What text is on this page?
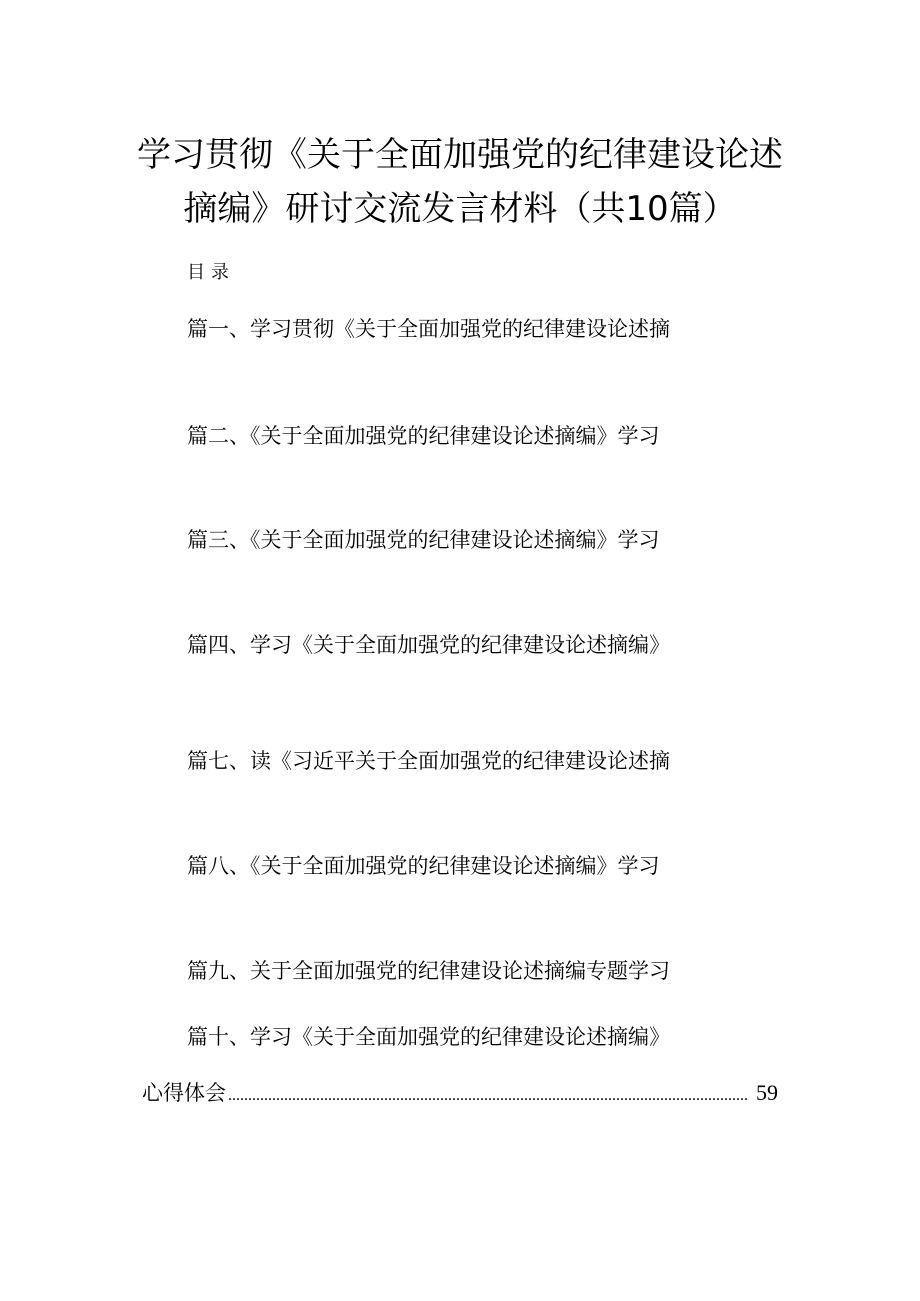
学习贯彻《关于全面加强党的纪律建设论述
摘编》研讨交流发言材料（共10篇）

目录

篇一、学习贯彻《关于全面加强党的纪律建设论述摘

篇二、《关于全面加强党的纪律建设论述摘编》学习

篇三、《关于全面加强党的纪律建设论述摘编》学习

篇四、学习《关于全面加强党的纪律建设论述摘编》

篇七、读《习近平关于全面加强党的纪律建设论述摘

篇八、《关于全面加强党的纪律建设论述摘编》学习

篇九、关于全面加强党的纪律建设论述摘编专题学习

篇十、学习《关于全面加强党的纪律建设论述摘编》

心得体会 .................................................................................................................................. 59
